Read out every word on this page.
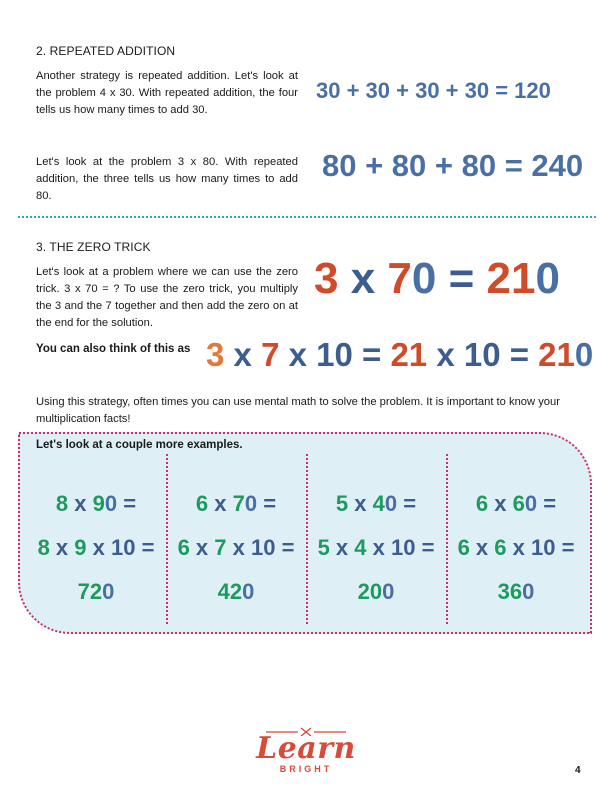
2. REPEATED ADDITION
Another strategy is repeated addition. Let's look at the problem 4 x 30. With repeated addition, the four tells us how many times to add 30.
30 + 30 + 30 + 30 = 120
Let's look at the problem 3 x 80. With repeated addition, the three tells us how many times to add 80.
80 + 80 + 80 = 240
3. THE ZERO TRICK
Let's look at a problem where we can use the zero trick. 3 x 70 = ? To use the zero trick, you multiply the 3 and the 7 together and then add the zero on at the end for the solution.
3 x 70 = 210
You can also think of this as 3 x 7 x 10 = 21 x 10 = 210
Using this strategy, often times you can use mental math to solve the problem. It is important to know your multiplication facts!
Let's look at a couple more examples.
8 x 90 =
8 x 9 x 10 =
720
6 x 70 =
6 x 7 x 10 =
420
5 x 40 =
5 x 4 x 10 =
200
6 x 60 =
6 x 6 x 10 =
360
Learn
BRIGHT	4
